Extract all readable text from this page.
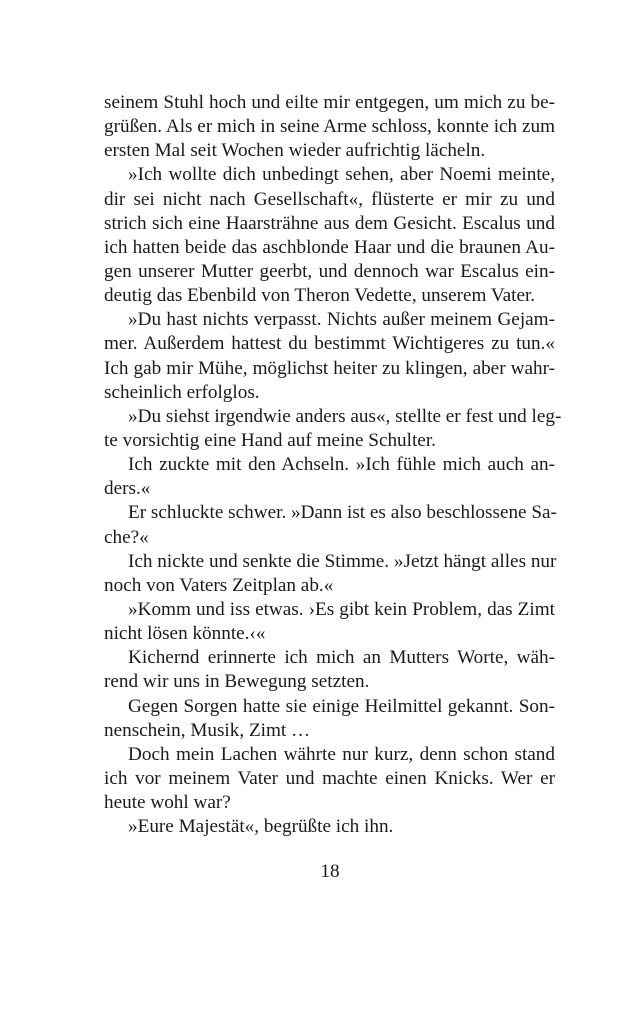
seinem Stuhl hoch und eilte mir entgegen, um mich zu be-
grüßen. Als er mich in seine Arme schloss, konnte ich zum
ersten Mal seit Wochen wieder aufrichtig lächeln.
»Ich wollte dich unbedingt sehen, aber Noemi meinte,
dir sei nicht nach Gesellschaft«, flüsterte er mir zu und
strich sich eine Haarsträhne aus dem Gesicht. Escalus und
ich hatten beide das aschblonde Haar und die braunen Au-
gen unserer Mutter geerbt, und dennoch war Escalus ein-
deutig das Ebenbild von Theron Vedette, unserem Vater.
»Du hast nichts verpasst. Nichts außer meinem Gejam-
mer. Außerdem hattest du bestimmt Wichtigeres zu tun.«
Ich gab mir Mühe, möglichst heiter zu klingen, aber wahr-
scheinlich erfolglos.
»Du siehst irgendwie anders aus«, stellte er fest und leg-
te vorsichtig eine Hand auf meine Schulter.
Ich zuckte mit den Achseln. »Ich fühle mich auch an-
ders.«
Er schluckte schwer. »Dann ist es also beschlossene Sa-
che?«
Ich nickte und senkte die Stimme. »Jetzt hängt alles nur
noch von Vaters Zeitplan ab.«
»Komm und iss etwas. ›Es gibt kein Problem, das Zimt
nicht lösen könnte.‹«
Kichernd erinnerte ich mich an Mutters Worte, wäh-
rend wir uns in Bewegung setzten.
Gegen Sorgen hatte sie einige Heilmittel gekannt. Son-
nenschein, Musik, Zimt …
Doch mein Lachen währte nur kurz, denn schon stand
ich vor meinem Vater und machte einen Knicks. Wer er
heute wohl war?
»Eure Majestät«, begrüßte ich ihn.
18
